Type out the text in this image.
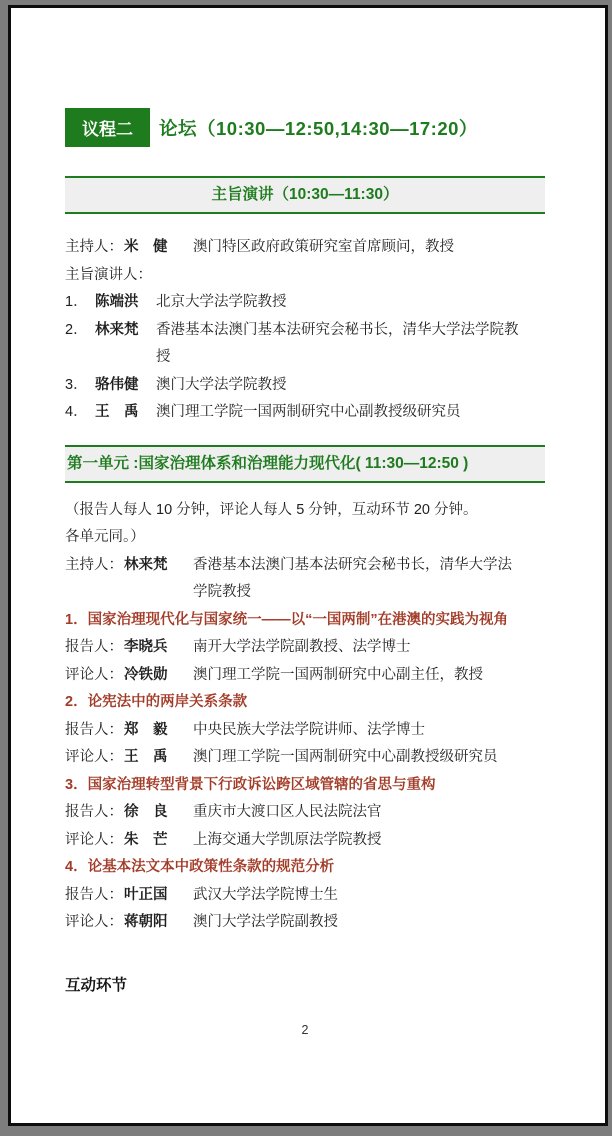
议程二	论坛（10:30—12:50,14:30—17:20）
主旨演讲（10:30—11:30）
主持人： 米　健 澳门特区政府政策研究室首席顾问，教授
主旨演讲人：
1． 陈端洪 北京大学法学院教授
2． 林来梵 香港基本法澳门基本法研究会秘书长，清华大学法学院教授
3． 骆伟健 澳门大学法学院教授
4． 王　禹 澳门理工学院一国两制研究中心副教授级研究员
第一单元 :国家治理体系和治理能力现代化( 11:30—12:50 )
（报告人每人 10 分钟，评论人每人 5 分钟，互动环节 20 分钟。
各单元同。）
主持人： 林来梵 香港基本法澳门基本法研究会秘书长，清华大学法学院教授
1．国家治理现代化与国家统一——以“一国两制”在港澳的实践为视角
报告人： 李晓兵 南开大学法学院副教授、法学博士
评论人： 冷铁勋 澳门理工学院一国两制研究中心副主任，教授
2．论宪法中的两岸关系条款
报告人： 郑　毅 中央民族大学法学院讲师、法学博士
评论人： 王　禹 澳门理工学院一国两制研究中心副教授级研究员
3．国家治理转型背景下行政诉讼跨区域管辖的省思与重构
报告人： 徐　良 重庆市大渡口区人民法院法官
评论人： 朱　芒 上海交通大学凯原法学院教授
4．论基本法文本中政策性条款的规范分析
报告人： 叶正国 武汉大学法学院博士生
评论人： 蒋朝阳 澳门大学法学院副教授
互动环节
2
